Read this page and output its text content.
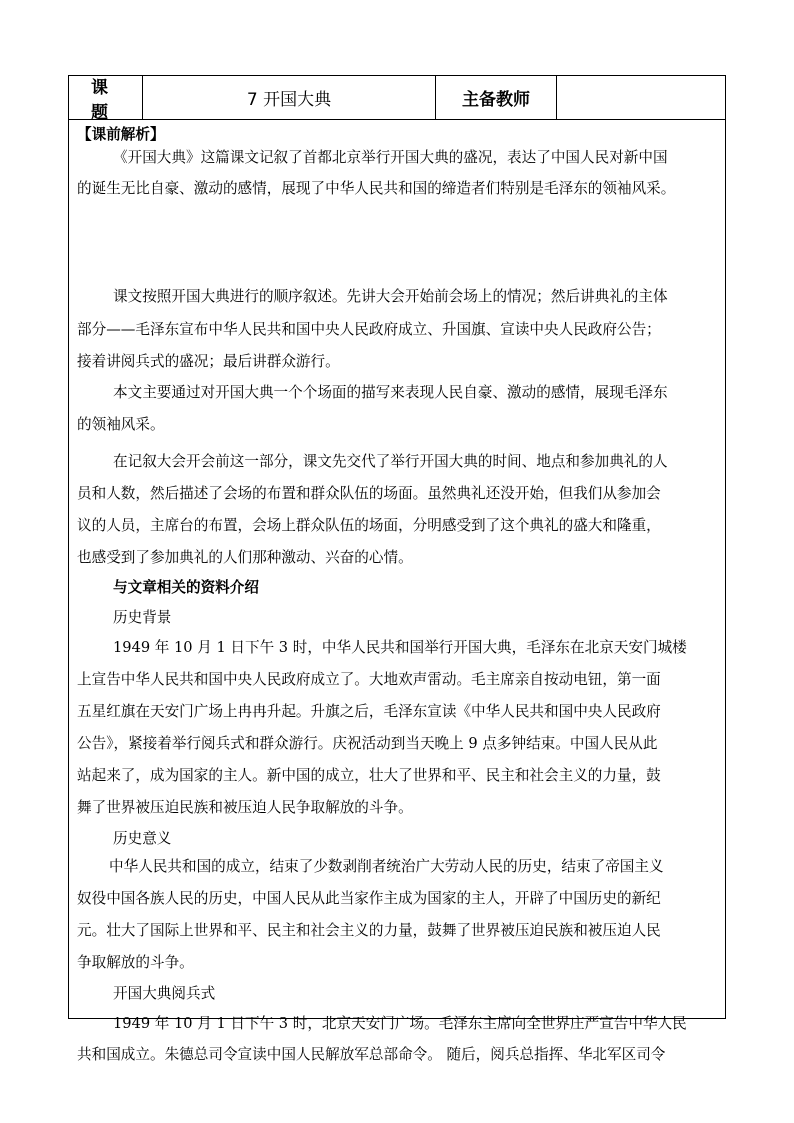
课 题
7 开国大典	主备教师
【课前解析】
《开国大典》这篇课文记叙了首都北京举行开国大典的盛况，表达了中国人民对新中国
的诞生无比自豪、激动的感情，展现了中华人民共和国的缔造者们特别是毛泽东的领袖风采。
课文按照开国大典进行的顺序叙述。先讲大会开始前会场上的情况；然后讲典礼的主体
部分——毛泽东宣布中华人民共和国中央人民政府成立、升国旗、宣读中央人民政府公告；
接着讲阅兵式的盛况；最后讲群众游行。
本文主要通过对开国大典一个个场面的描写来表现人民自豪、激动的感情，展现毛泽东
的领袖风采。
在记叙大会开会前这一部分，课文先交代了举行开国大典的时间、地点和参加典礼的人
员和人数，然后描述了会场的布置和群众队伍的场面。虽然典礼还没开始，但我们从参加会
议的人员，主席台的布置，会场上群众队伍的场面，分明感受到了这个典礼的盛大和隆重，
也感受到了参加典礼的人们那种激动、兴奋的心情。
与文章相关的资料介绍
历史背景
1949 年 10 月 1 日下午 3 时，中华人民共和国举行开国大典，毛泽东在北京天安门城楼
上宣告中华人民共和国中央人民政府成立了。大地欢声雷动。毛主席亲自按动电钮，第一面
五星红旗在天安门广场上冉冉升起。升旗之后，毛泽东宣读《中华人民共和国中央人民政府
公告》，紧接着举行阅兵式和群众游行。庆祝活动到当天晚上 9 点多钟结束。中国人民从此
站起来了，成为国家的主人。新中国的成立，壮大了世界和平、民主和社会主义的力量，鼓
舞了世界被压迫民族和被压迫人民争取解放的斗争。
历史意义
中华人民共和国的成立，结束了少数剥削者统治广大劳动人民的历史，结束了帝国主义
奴役中国各族人民的历史，中国人民从此当家作主成为国家的主人，开辟了中国历史的新纪
元。壮大了国际上世界和平、民主和社会主义的力量，鼓舞了世界被压迫民族和被压迫人民
争取解放的斗争。
开国大典阅兵式
1949 年 10 月 1 日下午 3 时，北京天安门广场。毛泽东主席向全世界庄严宣告中华人民
共和国成立。朱德总司令宣读中国人民解放军总部命令。 随后，阅兵总指挥、华北军区司令
